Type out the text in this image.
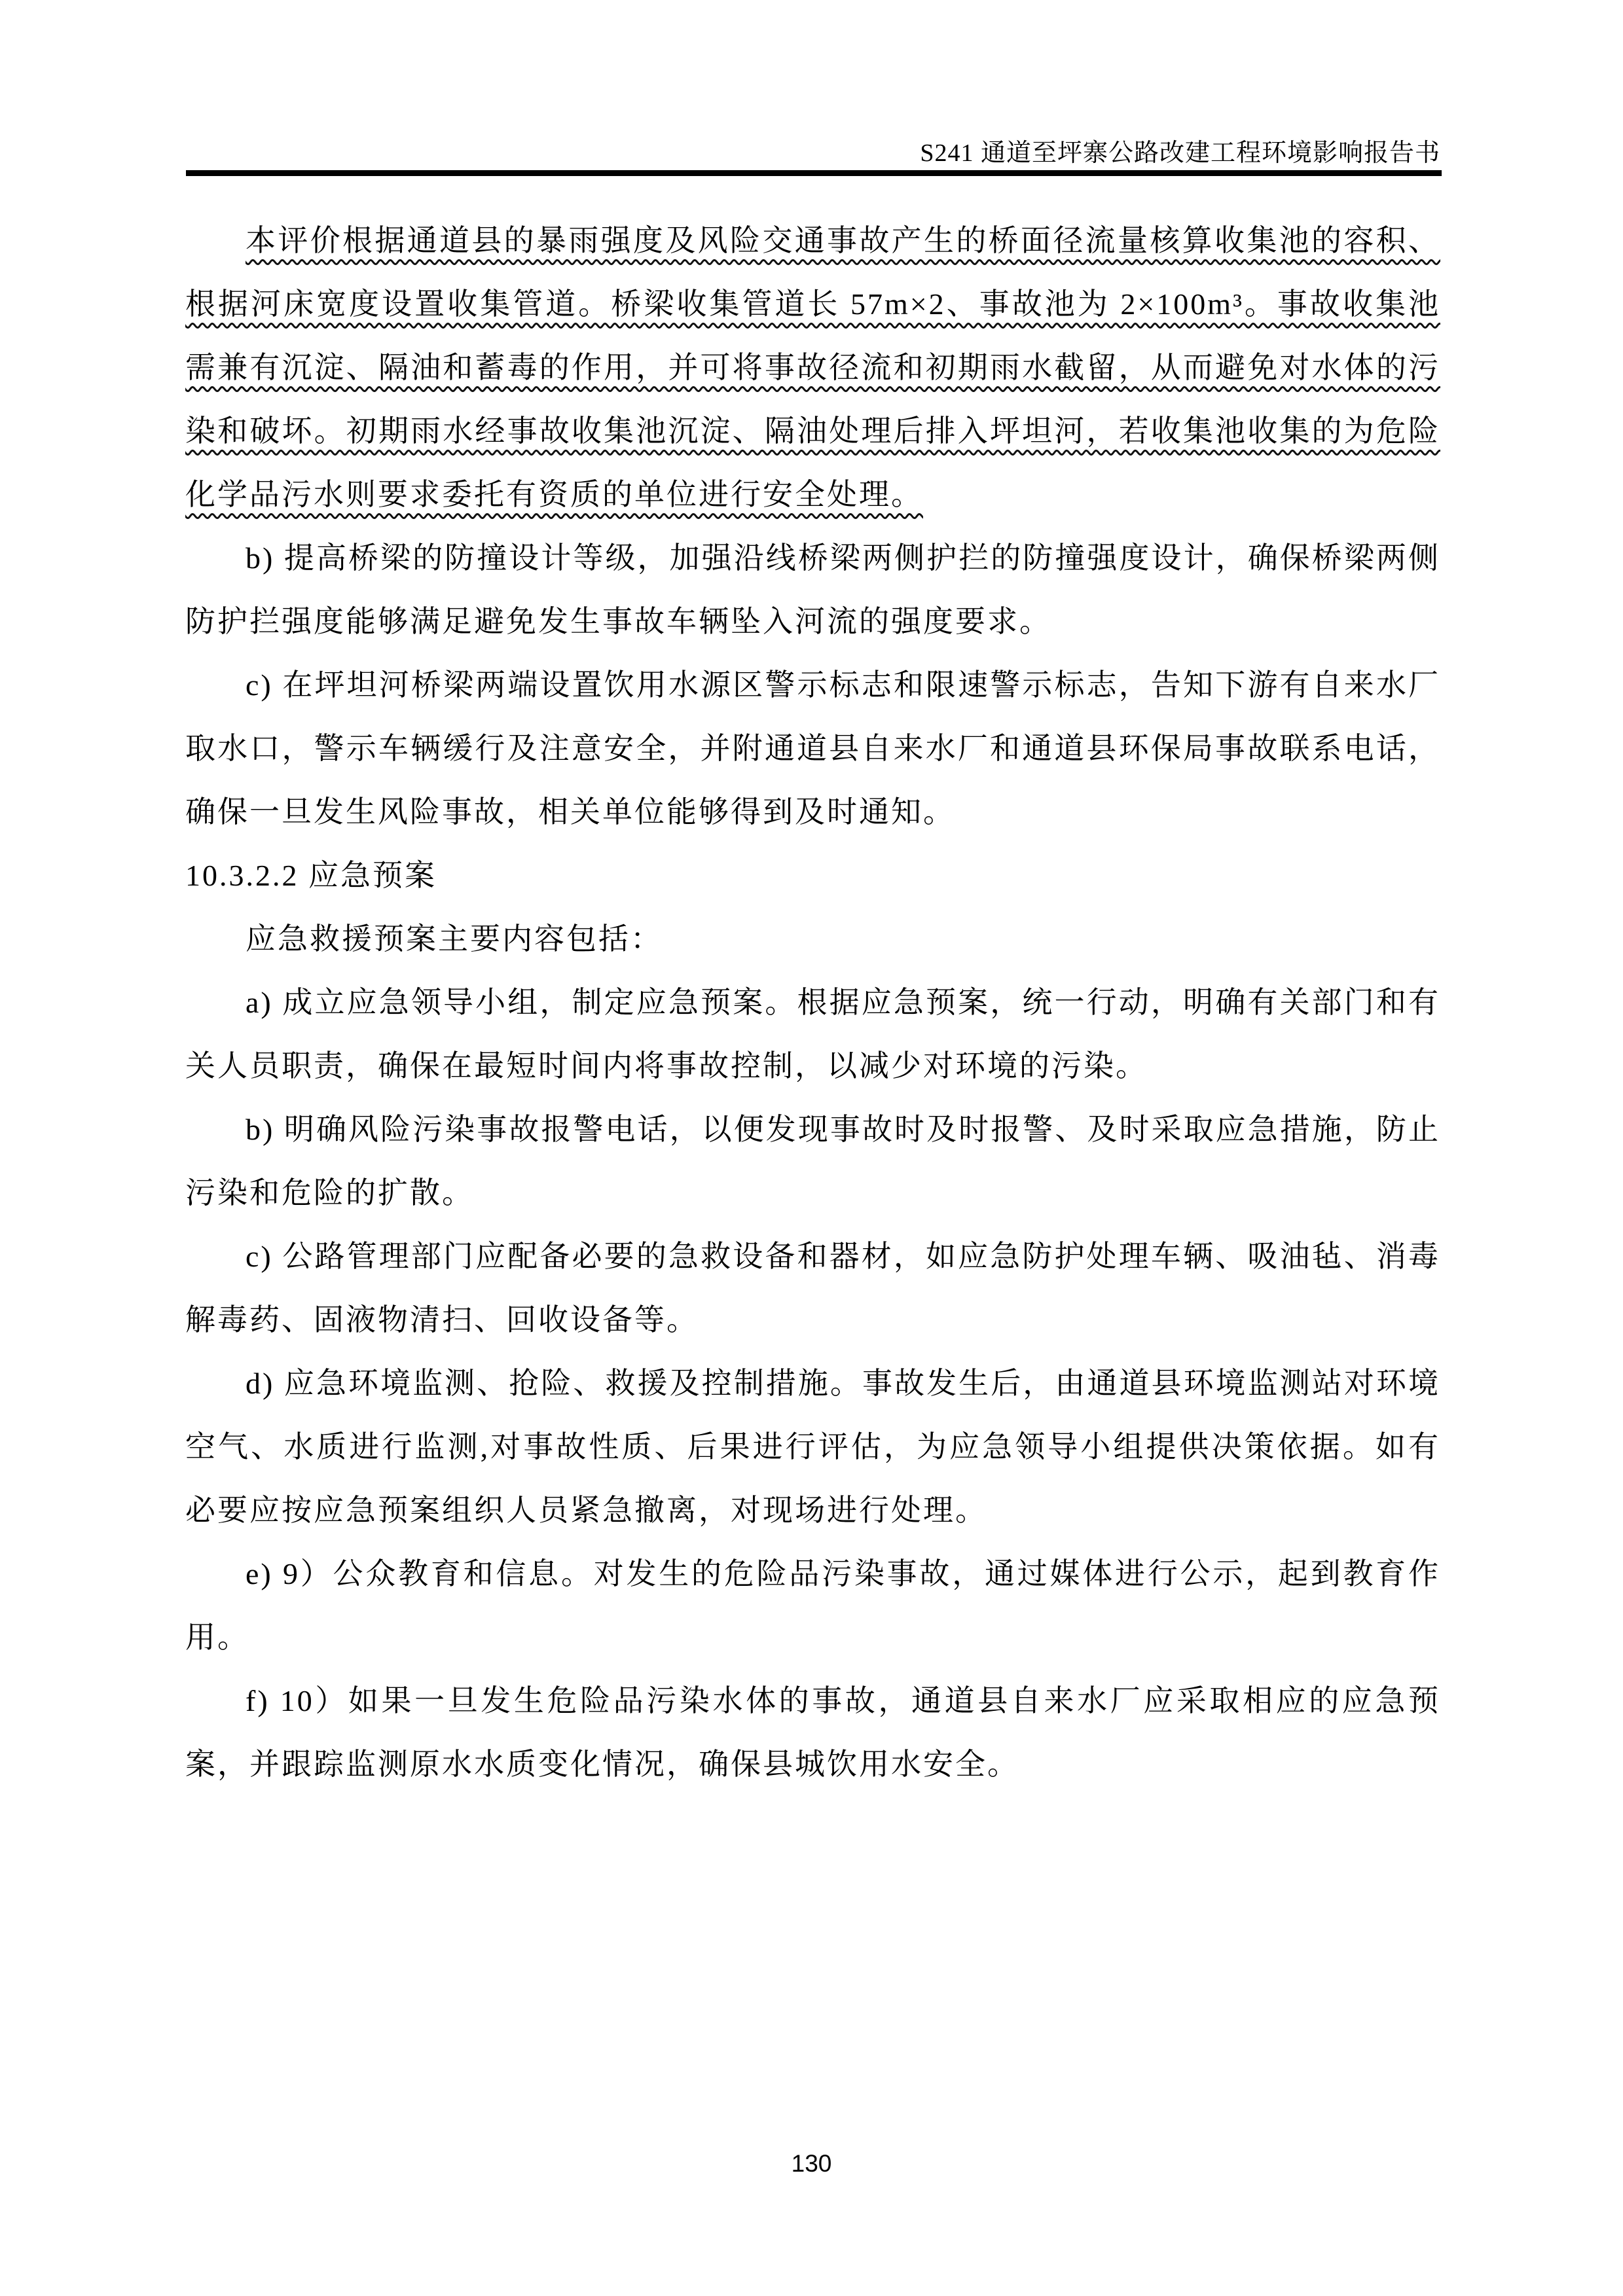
S241 通道至坪寨公路改建工程环境影响报告书

本评价根据通道县的暴雨强度及风险交通事故产生的桥面径流量核算收集池的容积、根据河床宽度设置收集管道。桥梁收集管道长 57m×2、事故池为 2×100m³。事故收集池需兼有沉淀、隔油和蓄毒的作用，并可将事故径流和初期雨水截留，从而避免对水体的污染和破坏。初期雨水经事故收集池沉淀、隔油处理后排入坪坦河，若收集池收集的为危险化学品污水则要求委托有资质的单位进行安全处理。

b) 提高桥梁的防撞设计等级，加强沿线桥梁两侧护拦的防撞强度设计，确保桥梁两侧防护拦强度能够满足避免发生事故车辆坠入河流的强度要求。

c) 在坪坦河桥梁两端设置饮用水源区警示标志和限速警示标志，告知下游有自来水厂取水口，警示车辆缓行及注意安全，并附通道县自来水厂和通道县环保局事故联系电话，确保一旦发生风险事故，相关单位能够得到及时通知。

10.3.2.2 应急预案

应急救援预案主要内容包括：

a) 成立应急领导小组，制定应急预案。根据应急预案，统一行动，明确有关部门和有关人员职责，确保在最短时间内将事故控制，以减少对环境的污染。

b) 明确风险污染事故报警电话，以便发现事故时及时报警、及时采取应急措施，防止污染和危险的扩散。

c) 公路管理部门应配备必要的急救设备和器材，如应急防护处理车辆、吸油毡、消毒解毒药、固液物清扫、回收设备等。

d) 应急环境监测、抢险、救援及控制措施。事故发生后，由通道县环境监测站对环境空气、水质进行监测,对事故性质、后果进行评估，为应急领导小组提供决策依据。如有必要应按应急预案组织人员紧急撤离，对现场进行处理。

e) 9）公众教育和信息。对发生的危险品污染事故，通过媒体进行公示，起到教育作用。

f) 10）如果一旦发生危险品污染水体的事故，通道县自来水厂应采取相应的应急预案，并跟踪监测原水水质变化情况，确保县城饮用水安全。

130
